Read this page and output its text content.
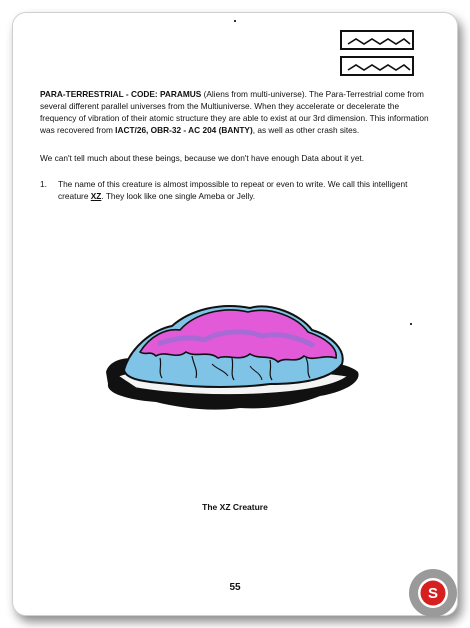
PARA-TERRESTRIAL - CODE: PARAMUS (Aliens from multi-universe). The Para-Terrestrial come from several different parallel universes from the Multiuniverse. When they accelerate or decelerate the frequency of vibration of their atomic structure they are able to exist at our 3rd dimension. This information was recovered from IACT/26, OBR-32 - AC 204 (BANTY), as well as other crash sites.
We can't tell much about these beings, because we don't have enough Data about it yet.
1. The name of this creature is almost impossible to repeat or even to write. We call this intelligent creature XZ. They look like one single Ameba or Jelly.
The XZ Creature
55	S
